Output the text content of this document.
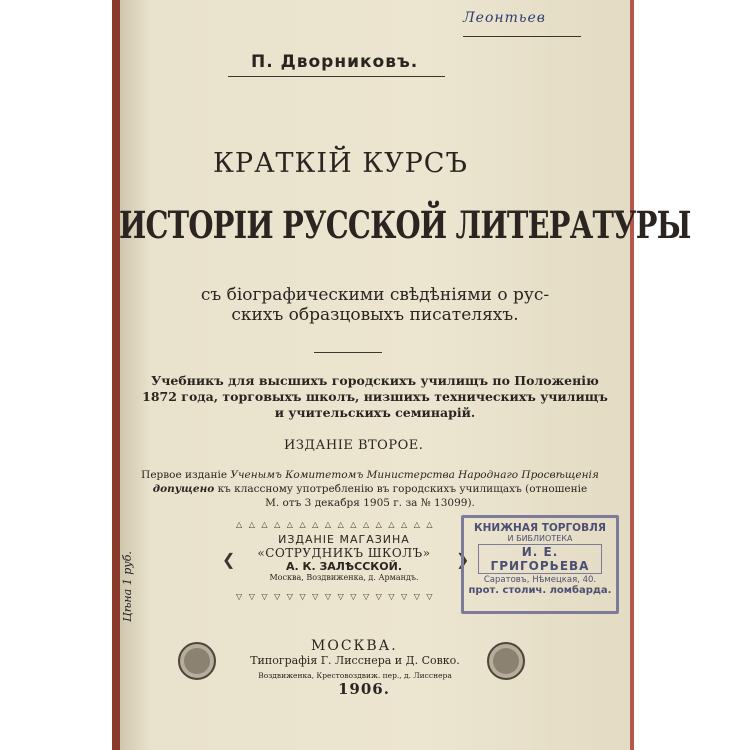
Леонтьев
П. Дворниковъ.
КРАТКIЙ КУРСЪ
ИСТОРIИ РУССКОЙ ЛИТЕРАТУРЫ
съ бiографическими свѣдѣнiями о рус-
скихъ образцовыхъ писателяхъ.
Учебникъ для высшихъ городскихъ училищъ по Положенiю
1872 года, торговыхъ школъ, низшихъ техническихъ училищъ
и учительскихъ семинарiй.
ИЗДАНIЕ ВТОРОЕ.
Первое изданiе Ученымъ Комитетомъ Министерства Народнаго Просвѣщенiя
допущено къ классному употребленiю въ городскихъ училищахъ (отношенiе
М. отъ 3 декабря 1905 г. за № 13099).
△ △ △ △ △ △ △ △ △ △ △ △ △ △ △ △
▽ ▽ ▽ ▽ ▽ ▽ ▽ ▽ ▽ ▽ ▽ ▽ ▽ ▽ ▽ ▽
❮	❯
ИЗДАНIЕ МАГАЗИНА
«СОТРУДНИКЪ ШКОЛЪ»
А. К. ЗАЛѢССКОЙ.
Москва, Воздвиженка, д. Армандъ.
КНИЖНАЯ ТОРГОВЛЯ
И БИБЛИОТЕКА
И. Е. ГРИГОРЬЕВА
Саратовъ, Нѣмецкая, 40.
прот. столич. ломбарда.
Цѣна 1 руб.
МОСКВА.
Типографiя Г. Лисснера и Д. Совко.
Воздвиженка, Крестовоздвиж. пер., д. Лисснера
1906.
